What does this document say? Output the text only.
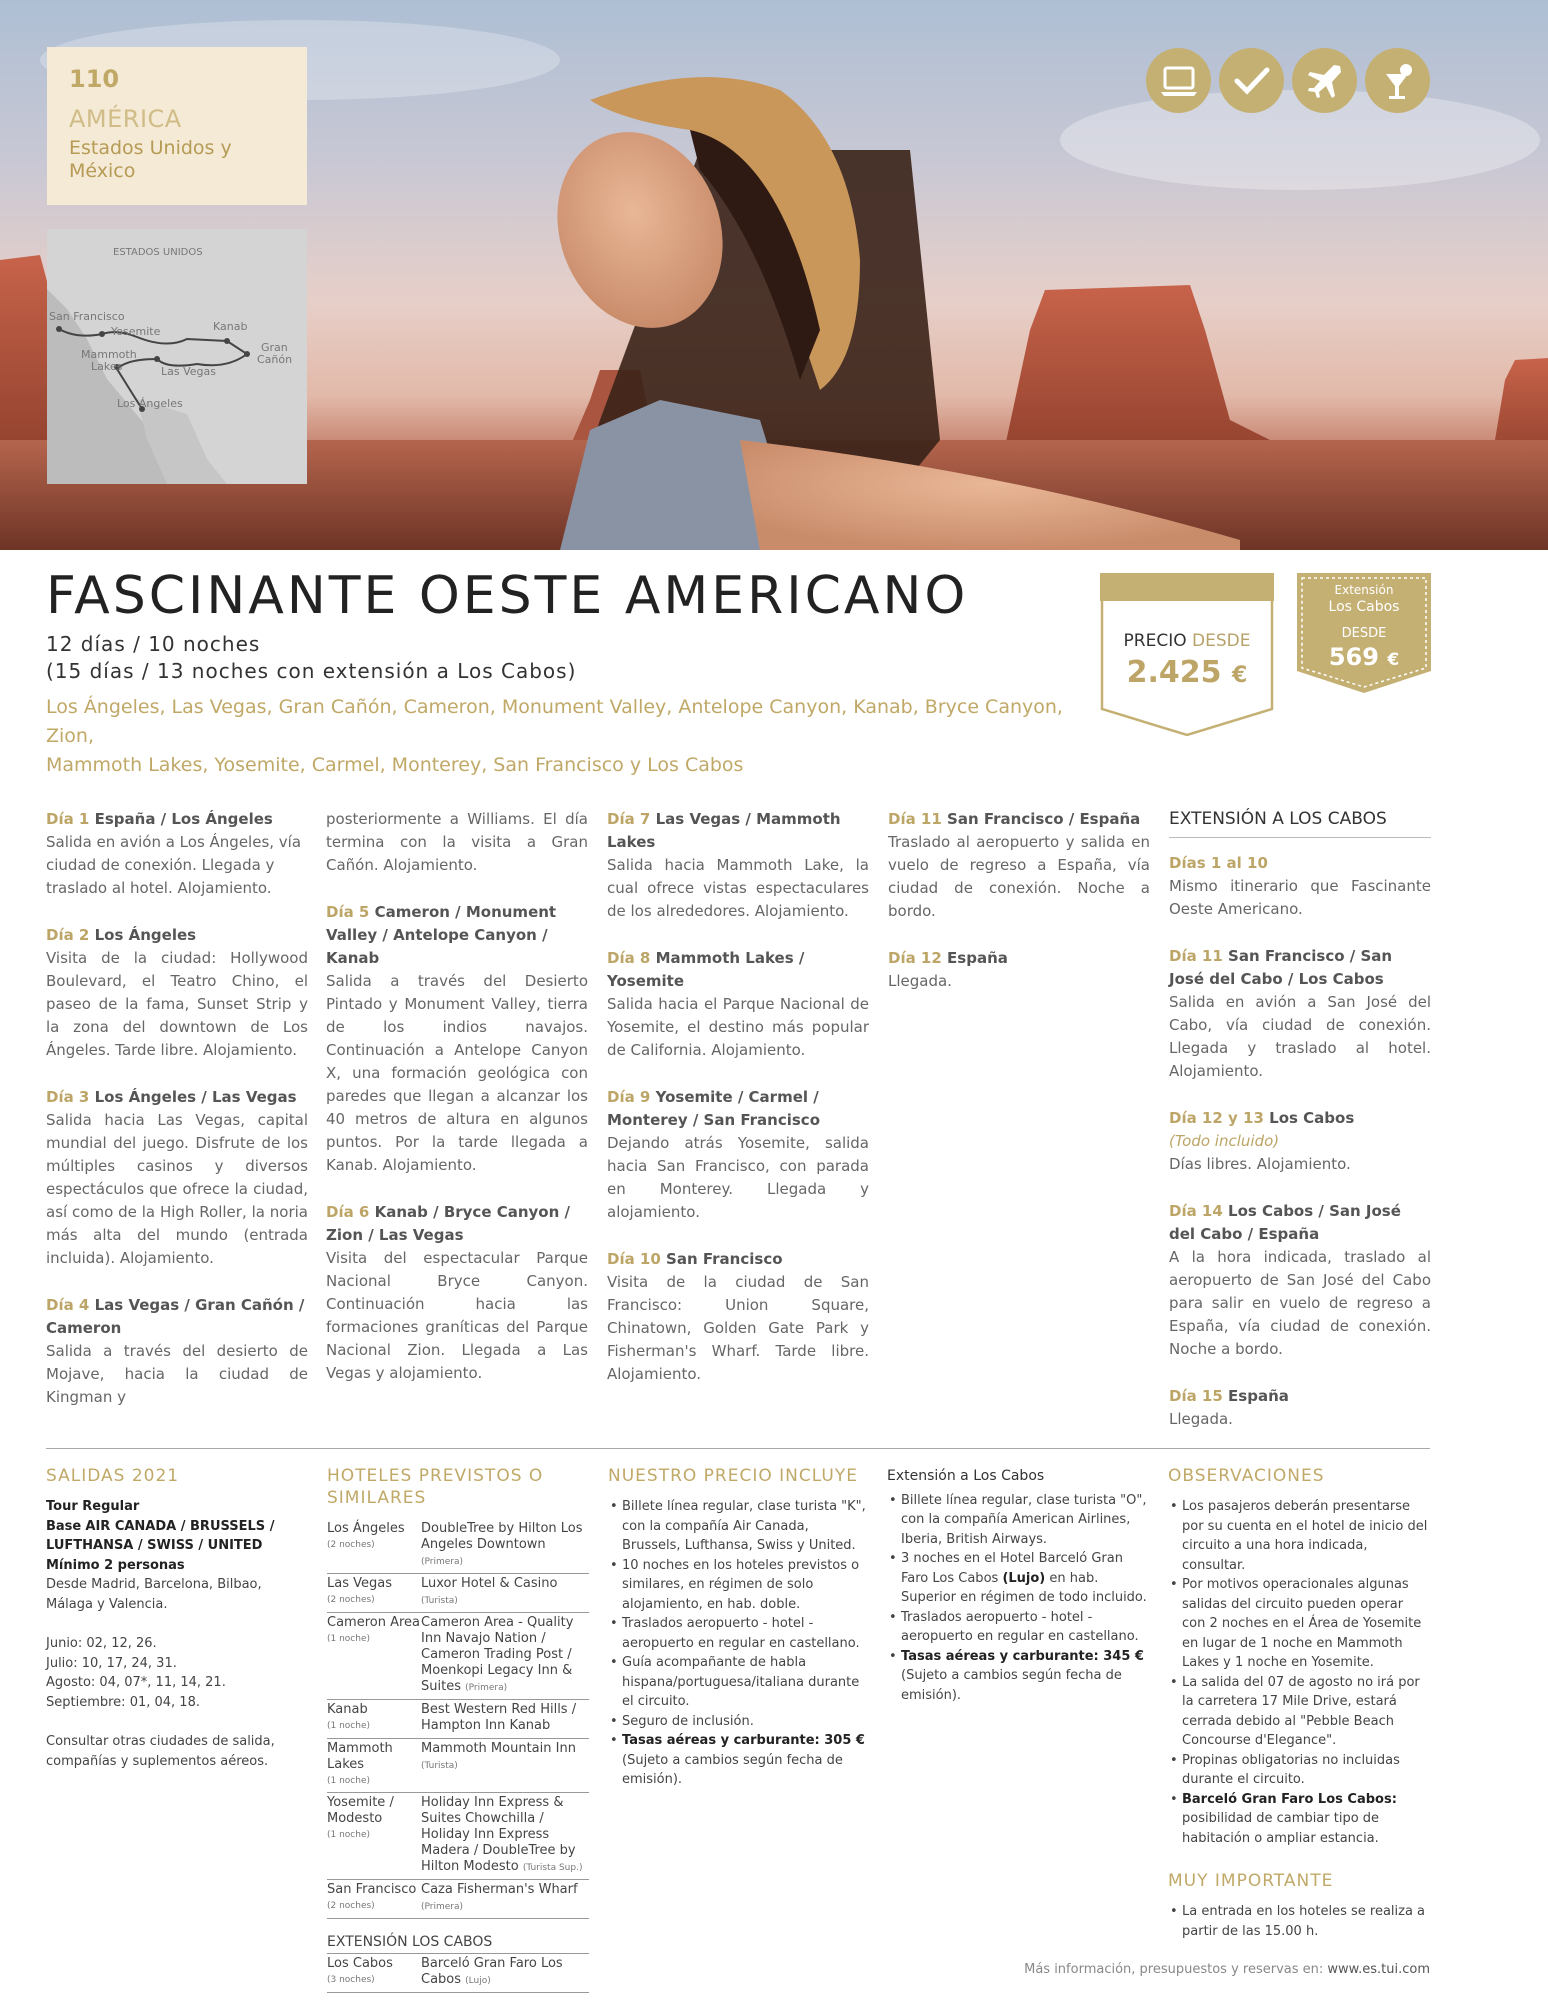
110
AMÉRICA
Estados Unidos y México
ESTADOS UNIDOS
San Francisco
Yosemite	Kanab
Mammoth
Lakes
Gran
Cañón
Las Vegas
Los Ángeles
FASCINANTE OESTE AMERICANO
12 días / 10 noches
(15 días / 13 noches con extensión a Los Cabos)
Los Ángeles, Las Vegas, Gran Cañón, Cameron, Monument Valley, Antelope Canyon, Kanab, Bryce Canyon, Zion,
Mammoth Lakes, Yosemite, Carmel, Monterey, San Francisco y Los Cabos
PRECIO DESDE
2.425 €
Extensión
Los Cabos
DESDE
569 €
Día 1 España / Los Ángeles
Salida en avión a Los Ángeles, vía ciudad de conexión. Llegada y traslado al hotel. Alojamiento.
Día 2 Los Ángeles
Visita de la ciudad: Hollywood Boulevard, el Teatro Chino, el paseo de la fama, Sunset Strip y la zona del downtown de Los Ángeles. Tarde libre. Alojamiento.
Día 3 Los Ángeles / Las Vegas
Salida hacia Las Vegas, capital mundial del juego. Disfrute de los múltiples casinos y diversos espectáculos que ofrece la ciudad, así como de la High Roller, la noria más alta del mundo (entrada incluida). Alojamiento.
Día 4 Las Vegas / Gran Cañón / Cameron
Salida a través del desierto de Mojave, hacia la ciudad de Kingman y
posteriormente a Williams. El día termina con la visita a Gran Cañón. Alojamiento.
Día 5 Cameron / Monument Valley / Antelope Canyon / Kanab
Salida a través del Desierto Pintado y Monument Valley, tierra de los indios navajos. Continuación a Antelope Canyon X, una formación geológica con paredes que llegan a alcanzar los 40 metros de altura en algunos puntos. Por la tarde llegada a Kanab. Alojamiento.
Día 6 Kanab / Bryce Canyon / Zion / Las Vegas
Visita del espectacular Parque Nacional Bryce Canyon. Continuación hacia las formaciones graníticas del Parque Nacional Zion. Llegada a Las Vegas y alojamiento.
Día 7 Las Vegas / Mammoth Lakes
Salida hacia Mammoth Lake, la cual ofrece vistas espectaculares de los alrededores. Alojamiento.
Día 8 Mammoth Lakes / Yosemite
Salida hacia el Parque Nacional de Yosemite, el destino más popular de California. Alojamiento.
Día 9 Yosemite / Carmel / Monterey / San Francisco
Dejando atrás Yosemite, salida hacia San Francisco, con parada en Monterey. Llegada y alojamiento.
Día 10 San Francisco
Visita de la ciudad de San Francisco: Union Square, Chinatown, Golden Gate Park y Fisherman's Wharf. Tarde libre. Alojamiento.
Día 11 San Francisco / España
Traslado al aeropuerto y salida en vuelo de regreso a España, vía ciudad de conexión. Noche a bordo.
Día 12 España
Llegada.
EXTENSIÓN A LOS CABOS
Días 1 al 10
Mismo itinerario que Fascinante Oeste Americano.
Día 11 San Francisco / San José del Cabo / Los Cabos
Salida en avión a San José del Cabo, vía ciudad de conexión. Llegada y traslado al hotel. Alojamiento.
Día 12 y 13 Los Cabos
(Todo incluido)
Días libres. Alojamiento.
Día 14 Los Cabos / San José del Cabo / España
A la hora indicada, traslado al aeropuerto de San José del Cabo para salir en vuelo de regreso a España, vía ciudad de conexión. Noche a bordo.
Día 15 España
Llegada.
SALIDAS 2021
Tour Regular
Base AIR CANADA / BRUSSELS / LUFTHANSA / SWISS / UNITED
Mínimo 2 personas
Desde Madrid, Barcelona, Bilbao, Málaga y Valencia.
Junio: 02, 12, 26.
Julio: 10, 17, 24, 31.
Agosto: 04, 07*, 11, 14, 21.
Septiembre: 01, 04, 18.
Consultar otras ciudades de salida, compañías y suplementos aéreos.
HOTELES PREVISTOS O SIMILARES
Los Ángeles
(2 noches)
DoubleTree by Hilton Los Angeles Downtown (Primera)
Las Vegas
(2 noches)
Luxor Hotel & Casino (Turista)
Cameron Area
(1 noche)
Cameron Area - Quality Inn Navajo Nation / Cameron Trading Post / Moenkopi Legacy Inn & Suites (Primera)
Kanab
(1 noche)
Best Western Red Hills / Hampton Inn Kanab
Mammoth Lakes
(1 noche)
Mammoth Mountain Inn (Turista)
Yosemite / Modesto
(1 noche)
Holiday Inn Express & Suites Chowchilla / Holiday Inn Express Madera / DoubleTree by Hilton Modesto (Turista Sup.)
San Francisco
(2 noches)
Caza Fisherman's Wharf (Primera)
EXTENSIÓN LOS CABOS
Los Cabos
(3 noches)
Barceló Gran Faro Los Cabos (Lujo)
NUESTRO PRECIO INCLUYE
• Billete línea regular, clase turista "K", con la compañía Air Canada, Brussels, Lufthansa, Swiss y United.
• 10 noches en los hoteles previstos o similares, en régimen de solo alojamiento, en hab. doble.
• Traslados aeropuerto - hotel - aeropuerto en regular en castellano.
• Guía acompañante de habla hispana/portuguesa/italiana durante el circuito.
• Seguro de inclusión.
• Tasas aéreas y carburante: 305 € (Sujeto a cambios según fecha de emisión).
Extensión a Los Cabos
• Billete línea regular, clase turista "O", con la compañía American Airlines, Iberia, British Airways.
• 3 noches en el Hotel Barceló Gran Faro Los Cabos (Lujo) en hab. Superior en régimen de todo incluido.
• Traslados aeropuerto - hotel - aeropuerto en regular en castellano.
• Tasas aéreas y carburante: 345 € (Sujeto a cambios según fecha de emisión).
OBSERVACIONES
• Los pasajeros deberán presentarse por su cuenta en el hotel de inicio del circuito a una hora indicada, consultar.
• Por motivos operacionales algunas salidas del circuito pueden operar con 2 noches en el Área de Yosemite en lugar de 1 noche en Mammoth Lakes y 1 noche en Yosemite.
• La salida del 07 de agosto no irá por la carretera 17 Mile Drive, estará cerrada debido al "Pebble Beach Concourse d'Elegance".
• Propinas obligatorias no incluidas durante el circuito.
• Barceló Gran Faro Los Cabos: posibilidad de cambiar tipo de habitación o ampliar estancia.
MUY IMPORTANTE
• La entrada en los hoteles se realiza a partir de las 15.00 h.
Más información, presupuestos y reservas en: www.es.tui.com
